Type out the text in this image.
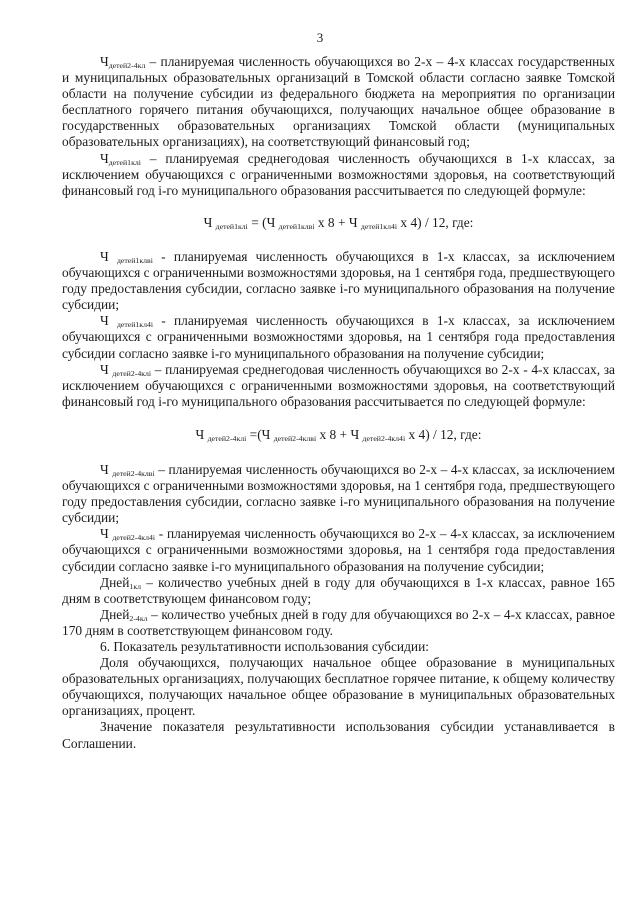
3

$Ч_{детей2-4кл}$ – планируемая численность обучающихся во 2-х – 4-х классах государственных и муниципальных образовательных организаций в Томской области согласно заявке Томской области на получение субсидии из федерального бюджета на мероприятия по организации бесплатного горячего питания обучающихся, получающих начальное общее образование в государственных образовательных организациях Томской области (муниципальных образовательных организациях), на соответствующий финансовый год;

$Ч_{детей1клi}$ – планируемая среднегодовая численность обучающихся в 1-х классах, за исключением обучающихся с ограниченными возможностями здоровья, на соответствующий финансовый год i-го муниципального образования рассчитывается по следующей формуле:

Ч $_{детей1клi}$ = (Ч $_{детей1клвi}$ х 8 + Ч $_{детей1кл4i}$ х 4) / 12, где:

Ч $_{детей1клвi}$ - планируемая численность обучающихся в 1-х классах, за исключением обучающихся с ограниченными возможностями здоровья, на 1 сентября года, предшествующего году предоставления субсидии, согласно заявке i-го муниципального образования на получение субсидии;

Ч $_{детей1кл4i}$ - планируемая численность обучающихся в 1-х классах, за исключением обучающихся с ограниченными возможностями здоровья, на 1 сентября года предоставления субсидии согласно заявке i-го муниципального образования на получение субсидии;

Ч $_{детей2-4клi}$ – планируемая среднегодовая численность обучающихся во 2-х - 4-х классах, за исключением обучающихся с ограниченными возможностями здоровья, на соответствующий финансовый год i-го муниципального образования рассчитывается по следующей формуле:

Ч $_{детей2-4клi}$ =(Ч $_{детей2-4клвi}$ х 8 + Ч $_{детей2-4кл4i}$ х 4) / 12, где:

Ч $_{детей2-4клвi}$ – планируемая численность обучающихся во 2-х – 4-х классах, за исключением обучающихся с ограниченными возможностями здоровья, на 1 сентября года, предшествующего году предоставления субсидии, согласно заявке i-го муниципального образования на получение субсидии;

Ч $_{детей2-4кл4i}$ - планируемая численность обучающихся во 2-х – 4-х классах, за исключением обучающихся с ограниченными возможностями здоровья, на 1 сентября года предоставления субсидии согласно заявке i-го муниципального образования на получение субсидии;

Дней$_{1кл}$ – количество учебных дней в году для обучающихся в 1-х классах, равное 165 дням в соответствующем финансовом году;

Дней$_{2-4кл}$ – количество учебных дней в году для обучающихся во 2-х – 4-х классах, равное 170 дням в соответствующем финансовом году.

6. Показатель результативности использования субсидии:

Доля обучающихся, получающих начальное общее образование в муниципальных образовательных организациях, получающих бесплатное горячее питание, к общему количеству обучающихся, получающих начальное общее образование в муниципальных образовательных организациях, процент.

Значение показателя результативности использования субсидии устанавливается в Соглашении.
